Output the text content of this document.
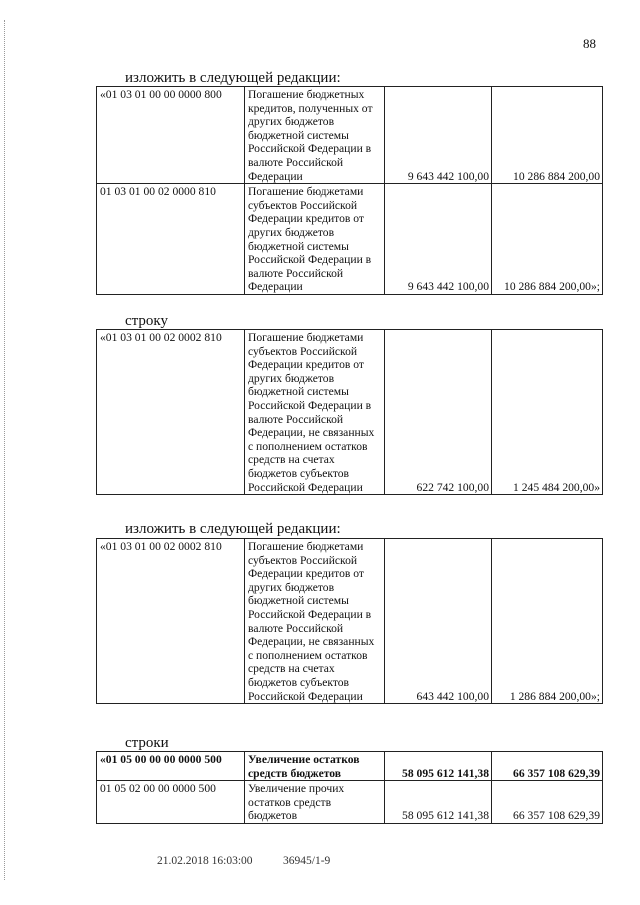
88
изложить в следующей редакции:
«01 03 01 00 00 0000 800	Погашение бюджетных кредитов, полученных от других бюджетов бюджетной системы Российской Федерации в валюте Российской Федерации	9 643 442 100,00	10 286 884 200,00
01 03 01 00 02 0000 810	Погашение бюджетами субъектов Российской Федерации кредитов от других бюджетов бюджетной системы Российской Федерации в валюте Российской Федерации	9 643 442 100,00	10 286 884 200,00»;
строку
«01 03 01 00 02 0002 810	Погашение бюджетами субъектов Российской Федерации кредитов от других бюджетов бюджетной системы Российской Федерации в валюте Российской Федерации, не связанных с пополнением остатков средств на счетах бюджетов субъектов Российской Федерации	622 742 100,00	1 245 484 200,00»
изложить в следующей редакции:
«01 03 01 00 02 0002 810	Погашение бюджетами субъектов Российской Федерации кредитов от других бюджетов бюджетной системы Российской Федерации в валюте Российской Федерации, не связанных с пополнением остатков средств на счетах бюджетов субъектов Российской Федерации	643 442 100,00	1 286 884 200,00»;
строки
«01 05 00 00 00 0000 500	Увеличение остатков средств бюджетов	58 095 612 141,38	66 357 108 629,39
01 05 02 00 00 0000 500	Увеличение прочих остатков средств бюджетов	58 095 612 141,38	66 357 108 629,39
21.02.2018 16:03:00	36945/1-9
